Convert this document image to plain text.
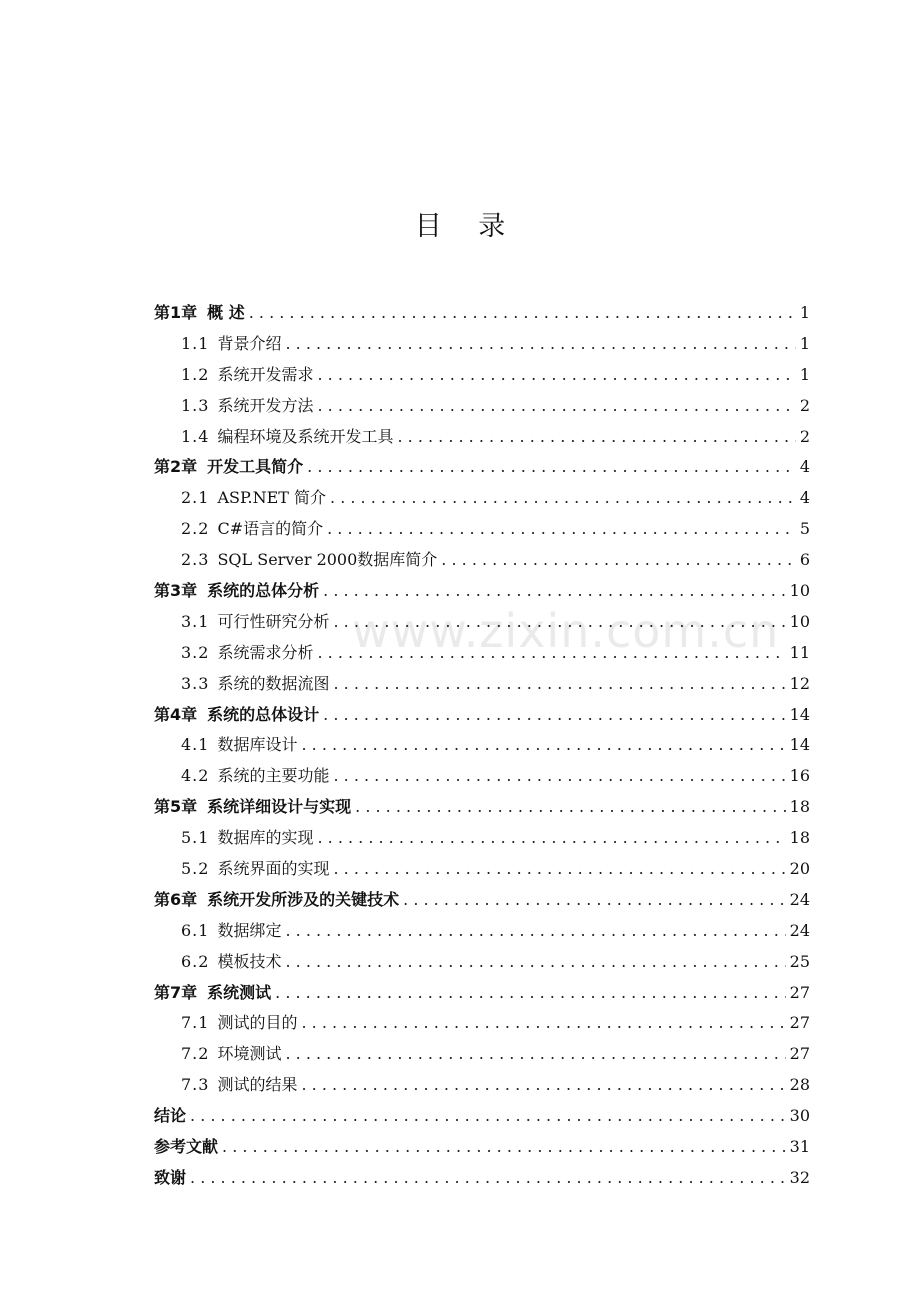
目 录
www.zixin.com.cn
第1章 概 述 . . .	1
1.1 背景介绍 . . .	1
1.2 系统开发需求 . . .	1
1.3 系统开发方法 . . .	2
1.4 编程环境及系统开发工具 . . .	2
第2章 开发工具简介 . . .	4
2.1 ASP.NET 简介 . . .	4
2.2 C#语言的简介 . . .	5
2.3 SQL Server 2000数据库简介 . . .	6
第3章 系统的总体分析 . . .	10
3.1 可行性研究分析 . . .	10
3.2 系统需求分析 . . .	11
3.3 系统的数据流图 . . .	12
第4章 系统的总体设计 . . .	14
4.1 数据库设计 . . .	14
4.2 系统的主要功能 . . .	16
第5章 系统详细设计与实现 . . .	18
5.1 数据库的实现 . . .	18
5.2 系统界面的实现 . . .	20
第6章 系统开发所涉及的关键技术 . . .	24
6.1 数据绑定 . . .	24
6.2 模板技术 . . .	25
第7章 系统测试 . . .	27
7.1 测试的目的 . . .	27
7.2 环境测试 . . .	27
7.3 测试的结果 . . .	28
结论 . . .	30
参考文献 . . .	31
致谢 . . .	32
